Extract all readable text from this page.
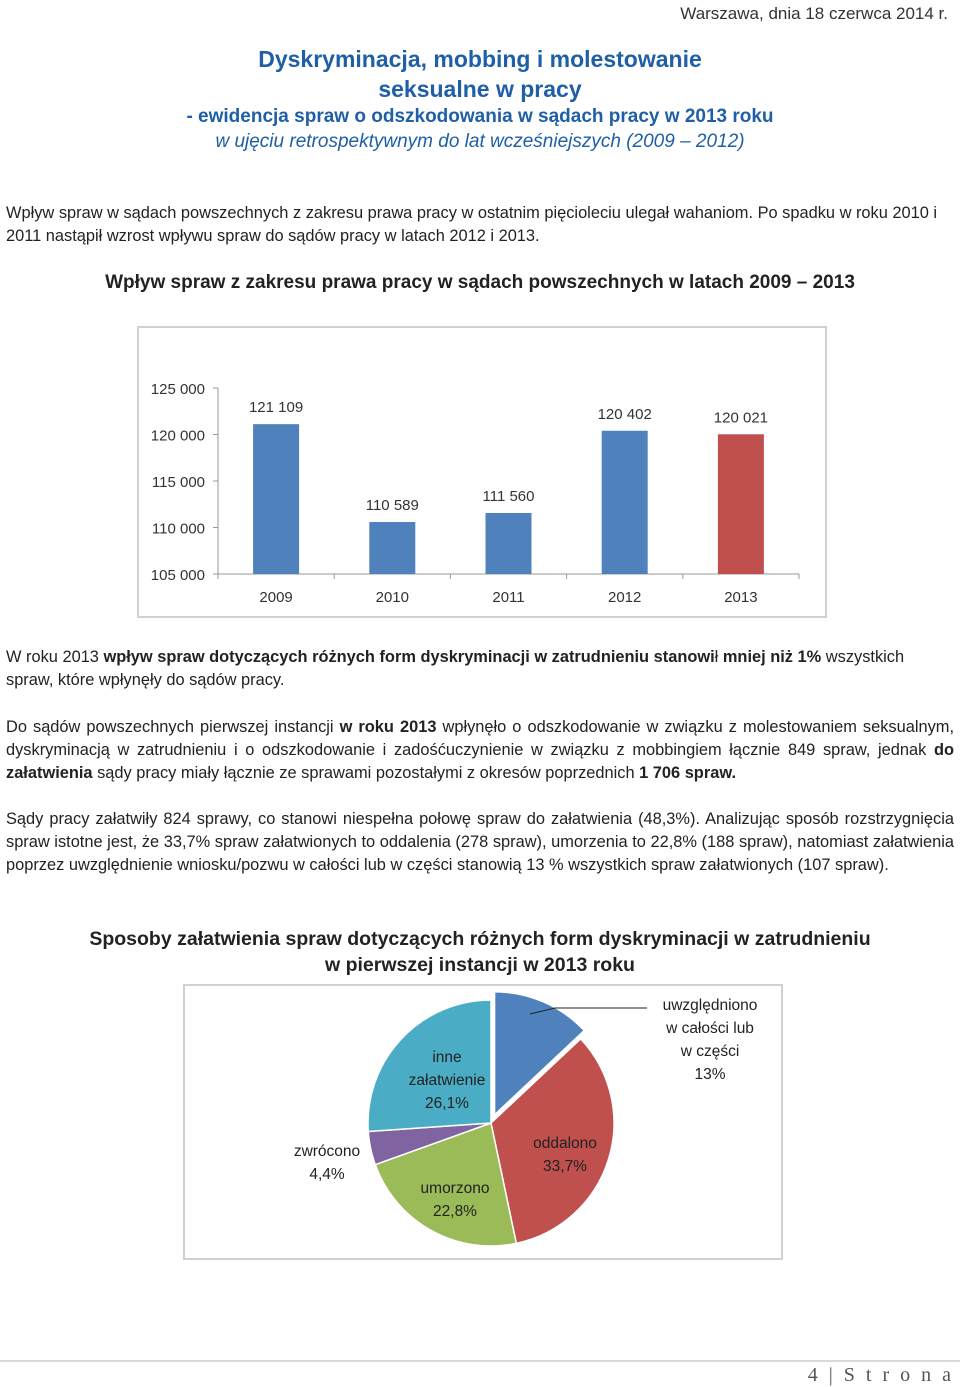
Warszawa, dnia 18 czerwca 2014 r.
Dyskryminacja, mobbing i molestowanie
seksualne w pracy
- ewidencja spraw o odszkodowania w sądach pracy w 2013 roku
w ujęciu retrospektywnym do lat wcześniejszych (2009 – 2012)
Wpływ spraw w sądach powszechnych z zakresu prawa pracy w ostatnim pięcioleciu ulegał wahaniom. Po spadku w roku 2010 i 2011 nastąpił wzrost wpływu spraw do sądów pracy w latach 2012 i 2013.
Wpływ spraw z zakresu prawa pracy w sądach powszechnych w latach 2009 – 2013
125 000
120 000
115 000
110 000
105 000
121 109
2009
110 589
2010
111 560
2011
120 402
2012
120 021
2013
W roku 2013 wpływ spraw dotyczących różnych form dyskryminacji w zatrudnieniu stanowił mniej niż 1% wszystkich spraw, które wpłynęły do sądów pracy.
Do sądów powszechnych pierwszej instancji w roku 2013 wpłynęło o odszkodowanie w związku z molestowaniem seksualnym, dyskryminacją w zatrudnieniu i o odszkodowanie i zadośćuczynienie w związku z mobbingiem łącznie 849 spraw, jednak do załatwienia sądy pracy miały łącznie ze sprawami pozostałymi z okresów poprzednich 1 706 spraw.
Sądy pracy załatwiły 824 sprawy, co stanowi niespełna połowę spraw do załatwienia (48,3%). Analizując sposób rozstrzygnięcia spraw istotne jest, że 33,7% spraw załatwionych to oddalenia (278 spraw), umorzenia to 22,8% (188 spraw), natomiast załatwienia poprzez uwzględnienie wniosku/pozwu w całości lub w części stanowią 13 % wszystkich spraw załatwionych (107 spraw).
Sposoby załatwienia spraw dotyczących różnych form dyskryminacji w zatrudnieniu
w pierwszej instancji w 2013 roku
uwzględniono w całości lub w części 13%
oddalono 33,7%
umorzono 22,8%
zwrócono 4,4%
inne załatwienie 26,1%
4 | S t r o n a
